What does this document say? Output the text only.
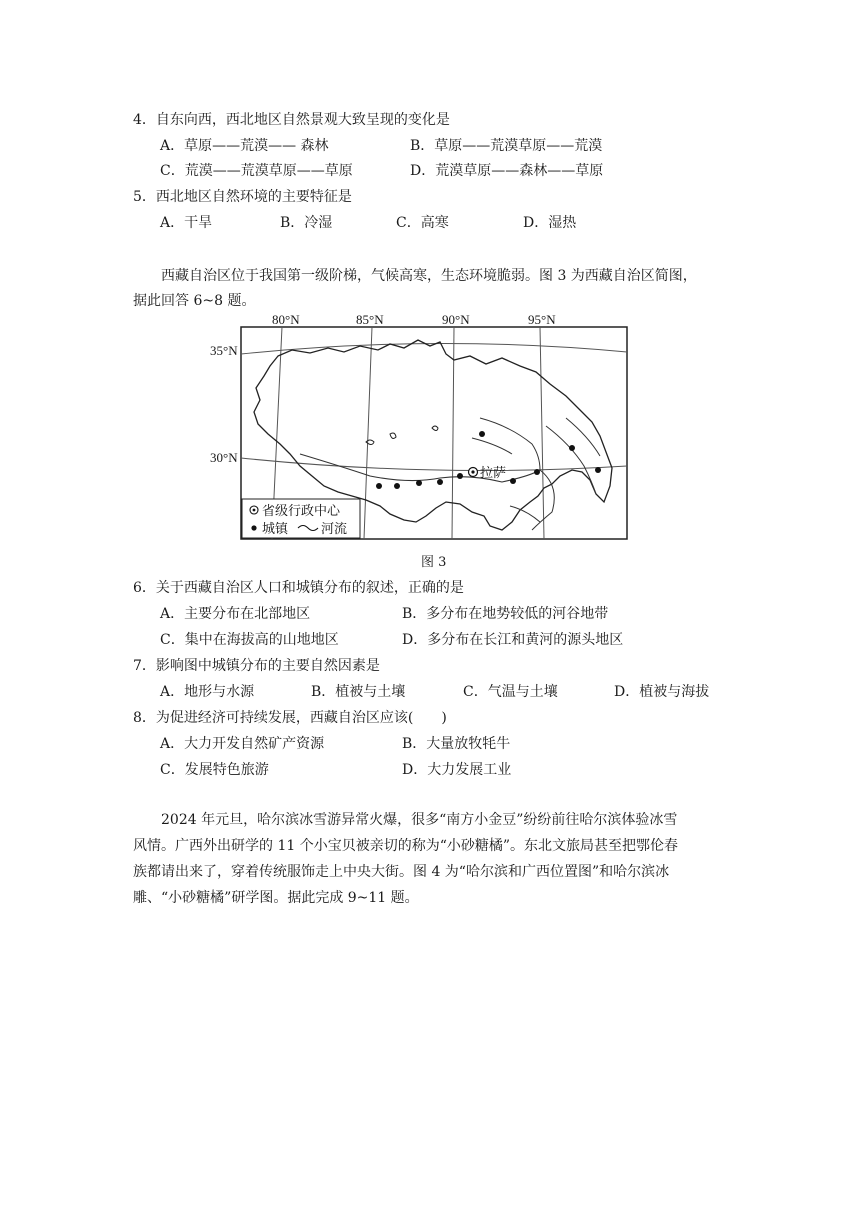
4．自东向西，西北地区自然景观大致呈现的变化是
A．草原——荒漠—— 森林	B．草原——荒漠草原——荒漠
C．荒漠——荒漠草原——草原	D．荒漠草原——森林——草原
5．西北地区自然环境的主要特征是
A．干旱	B．冷湿	C．高寒	D．湿热
西藏自治区位于我国第一级阶梯，气候高寒，生态环境脆弱。图 3 为西藏自治区简图，
据此回答 6~8 题。
80°N	85°N	90°N	95°N
35°N
30°N
拉萨
省级行政中心
城镇	河流
图 3
6．关于西藏自治区人口和城镇分布的叙述，正确的是
A．主要分布在北部地区	B．多分布在地势较低的河谷地带
C．集中在海拔高的山地地区	D．多分布在长江和黄河的源头地区
7．影响图中城镇分布的主要自然因素是
A．地形与水源	B．植被与土壤	C．气温与土壤	D．植被与海拔
8．为促进经济可持续发展，西藏自治区应该(　　)
A．大力开发自然矿产资源	B．大量放牧牦牛
C．发展特色旅游	D．大力发展工业
2024 年元旦，哈尔滨冰雪游异常火爆，很多“南方小金豆”纷纷前往哈尔滨体验冰雪
风情。广西外出研学的 11 个小宝贝被亲切的称为“小砂糖橘”。东北文旅局甚至把鄂伦春
族都请出来了，穿着传统服饰走上中央大街。图 4 为“哈尔滨和广西位置图”和哈尔滨冰
雕、“小砂糖橘”研学图。据此完成 9~11 题。
